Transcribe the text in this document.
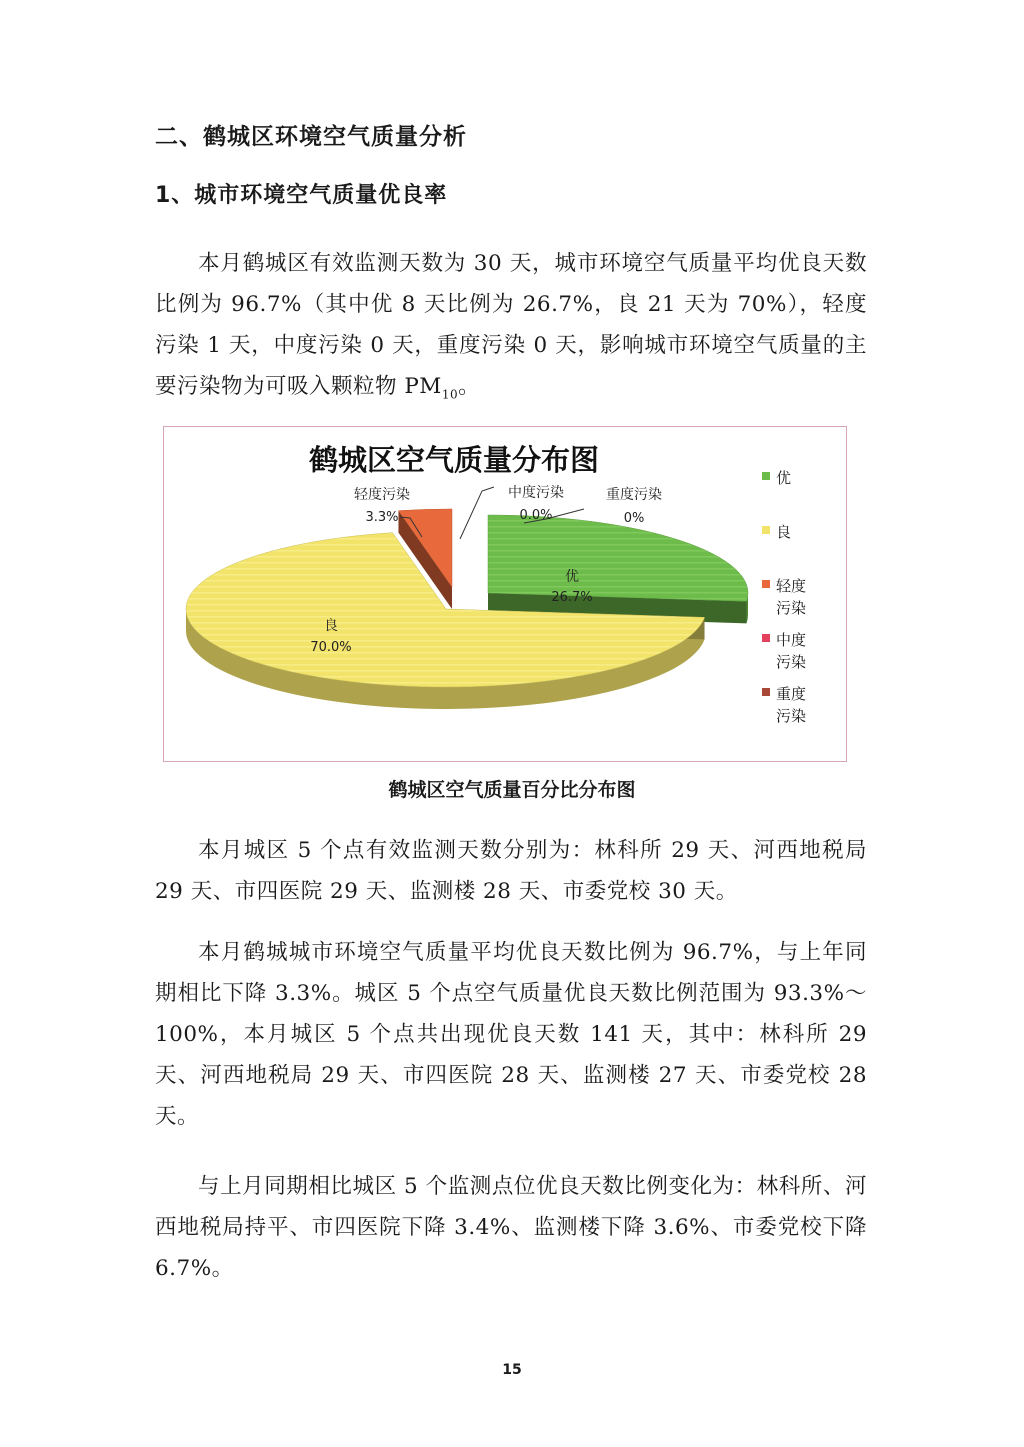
二、鹤城区环境空气质量分析
1、城市环境空气质量优良率

本月鹤城区有效监测天数为 30 天，城市环境空气质量平均优良天数比例为 96.7%（其中优 8 天比例为 26.7%，良 21 天为 70%），轻度污染 1 天，中度污染 0 天，重度污染 0 天，影响城市环境空气质量的主要污染物为可吸入颗粒物 $PM_{10}$。

鹤城区空气质量分布图
优
26.7%
良
70.0%
轻度污染
3.3%
中度污染
0.0%
重度污染
0%
优
良
轻度污染
中度污染
重度污染
鹤城区空气质量百分比分布图

本月城区 5 个点有效监测天数分别为：林科所 29 天、河西地税局 29 天、市四医院 29 天、监测楼 28 天、市委党校 30 天。

本月鹤城城市环境空气质量平均优良天数比例为 96.7%，与上年同期相比下降 3.3%。城区 5 个点空气质量优良天数比例范围为 93.3%～100%，本月城区 5 个点共出现优良天数 141 天，其中：林科所 29 天、河西地税局 29 天、市四医院 28 天、监测楼 27 天、市委党校 28 天。

与上月同期相比城区 5 个监测点位优良天数比例变化为：林科所、河西地税局持平、市四医院下降 3.4%、监测楼下降 3.6%、市委党校下降 6.7%。

15
